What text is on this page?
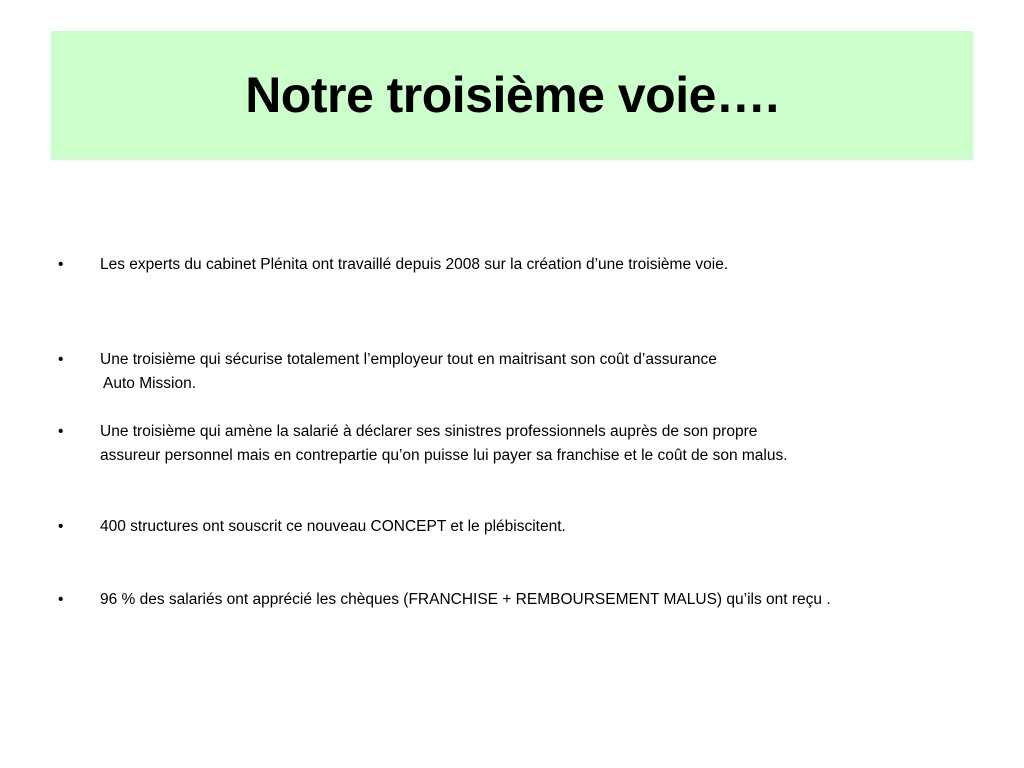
Notre troisième voie….
•	Les experts du cabinet Plénita ont travaillé depuis 2008 sur la création d’une troisième voie.
•	Une troisième qui sécurise totalement l’employeur tout en maitrisant son coût d’assurance
Auto Mission.
•	Une troisième qui amène la salarié à déclarer ses sinistres professionnels auprès de son propre
assureur personnel mais en contrepartie qu’on puisse lui payer sa franchise et le coût de son malus.
•	400 structures ont souscrit ce nouveau CONCEPT et le plébiscitent.
•	96 % des salariés ont apprécié les chèques (FRANCHISE + REMBOURSEMENT MALUS) qu’ils ont reçu .
